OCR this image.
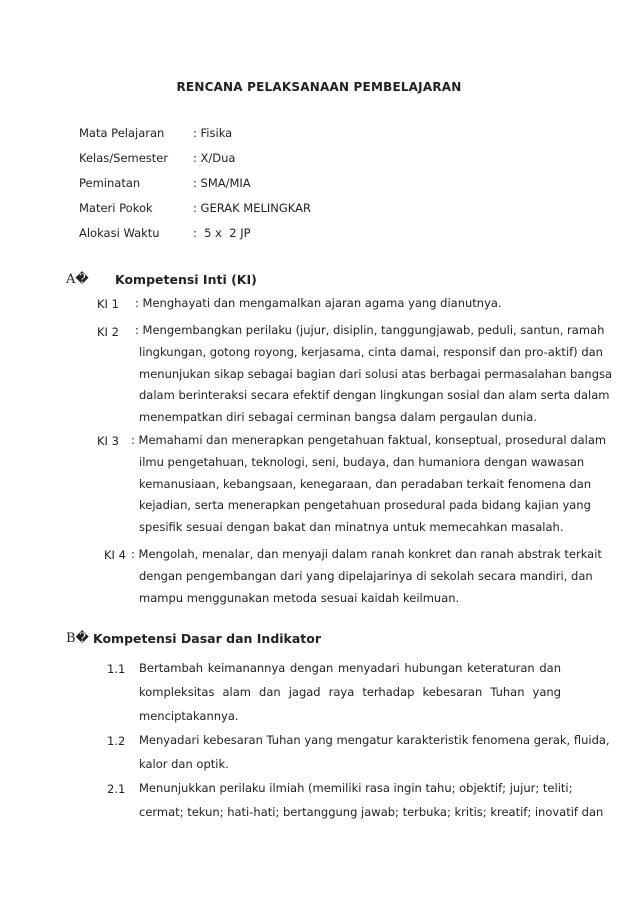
RENCANA PELAKSANAAN PEMBELAJARAN
Mata Pelajaran	: Fisika
Kelas/Semester	: X/Dua
Peminatan	: SMA/MIA
Materi Pokok	: GERAK MELINGKAR
Alokasi Waktu	:  5 x  2 JP
A�	Kompetensi Inti (KI)
KI 1 : Menghayati dan mengamalkan ajaran agama yang dianutnya.
KI 2 : Mengembangkan perilaku (jujur, disiplin, tanggungjawab, peduli, santun, ramah
lingkungan, gotong royong, kerjasama, cinta damai, responsif dan pro-aktif) dan
menunjukan sikap sebagai bagian dari solusi atas berbagai permasalahan bangsa
dalam berinteraksi secara efektif dengan lingkungan sosial dan alam serta dalam
menempatkan diri sebagai cerminan bangsa dalam pergaulan dunia.
KI 3 : Memahami dan menerapkan pengetahuan faktual, konseptual, prosedural dalam
ilmu pengetahuan, teknologi, seni, budaya, dan humaniora dengan wawasan
kemanusiaan, kebangsaan, kenegaraan, dan peradaban terkait fenomena dan
kejadian, serta menerapkan pengetahuan prosedural pada bidang kajian yang
spesifik sesuai dengan bakat dan minatnya untuk memecahkan masalah.
KI 4 : Mengolah, menalar, dan menyaji dalam ranah konkret dan ranah abstrak terkait
dengan pengembangan dari yang dipelajarinya di sekolah secara mandiri, dan
mampu menggunakan metoda sesuai kaidah keilmuan.
B� Kompetensi Dasar dan Indikator
1.1 Bertambah keimanannya dengan menyadari hubungan keteraturan dan
kompleksitas alam dan jagad raya terhadap kebesaran Tuhan yang
menciptakannya.
1.2 Menyadari kebesaran Tuhan yang mengatur karakteristik fenomena gerak, fluida,
kalor dan optik.
2.1 Menunjukkan perilaku ilmiah (memiliki rasa ingin tahu; objektif; jujur; teliti;
cermat; tekun; hati-hati; bertanggung jawab; terbuka; kritis; kreatif; inovatif dan
